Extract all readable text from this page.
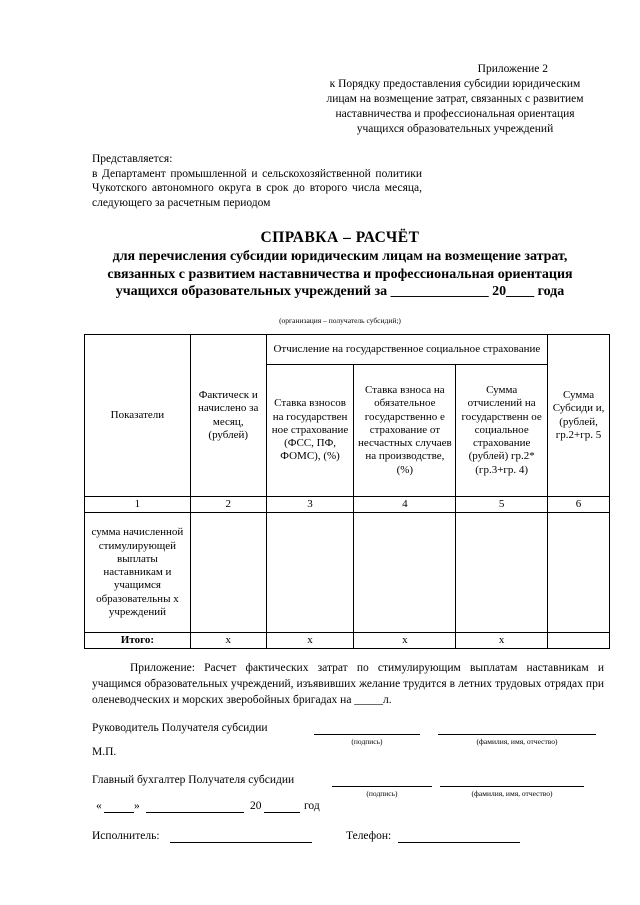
Приложение 2
к Порядку предоставления субсидии юридическим
лицам на возмещение затрат, связанных с развитием
наставничества и профессиональная ориентация
учащихся образовательных учреждений
Представляется:
в Департамент промышленной и сельскохозяйственной политики Чукотского автономного округа в срок до второго числа месяца, следующего за расчетным периодом
СПРАВКА – РАСЧЁТ
для перечисления субсидии юридическим лицам на возмещение затрат,
связанных с развитием наставничества и профессиональная ориентация
учащихся образовательных учреждений за ______________ 20____ года
(организация – получатель субсидий;)
Показатели	Фактическ и начислено за месяц, (рублей)	Отчисление на государственное социальное страхование			Сумма Субсиди и, (рублей, гр.2+гр. 5
		Ставка взносов на государствен ное страхование (ФСС, ПФ, ФОМС), (%)	Ставка взноса на обязательное государственно е страхование от несчастных случаев на производстве, (%)	Сумма отчислений на государственн ое социальное страхование (рублей) гр.2*(гр.3+гр. 4)	
1	2	3	4	5	6
сумма начисленной стимулирующей выплаты наставникам и учащимся образовательны х учреждений					
Итого:	х	х	х	х	
Приложение: Расчет фактических затрат по стимулирующим выплатам наставникам и учащимся образовательных учреждений, изъявивших желание трудится в летних трудовых отрядах при оленеводческих и морских зверобойных бригадах на _____л.
Руководитель Получателя субсидии
(подпись)	(фамилия, имя, отчество)
М.П.
Главный бухгалтер Получателя субсидии
(подпись)	(фамилия, имя, отчество)
«	»	20	год
Исполнитель:	Телефон:
